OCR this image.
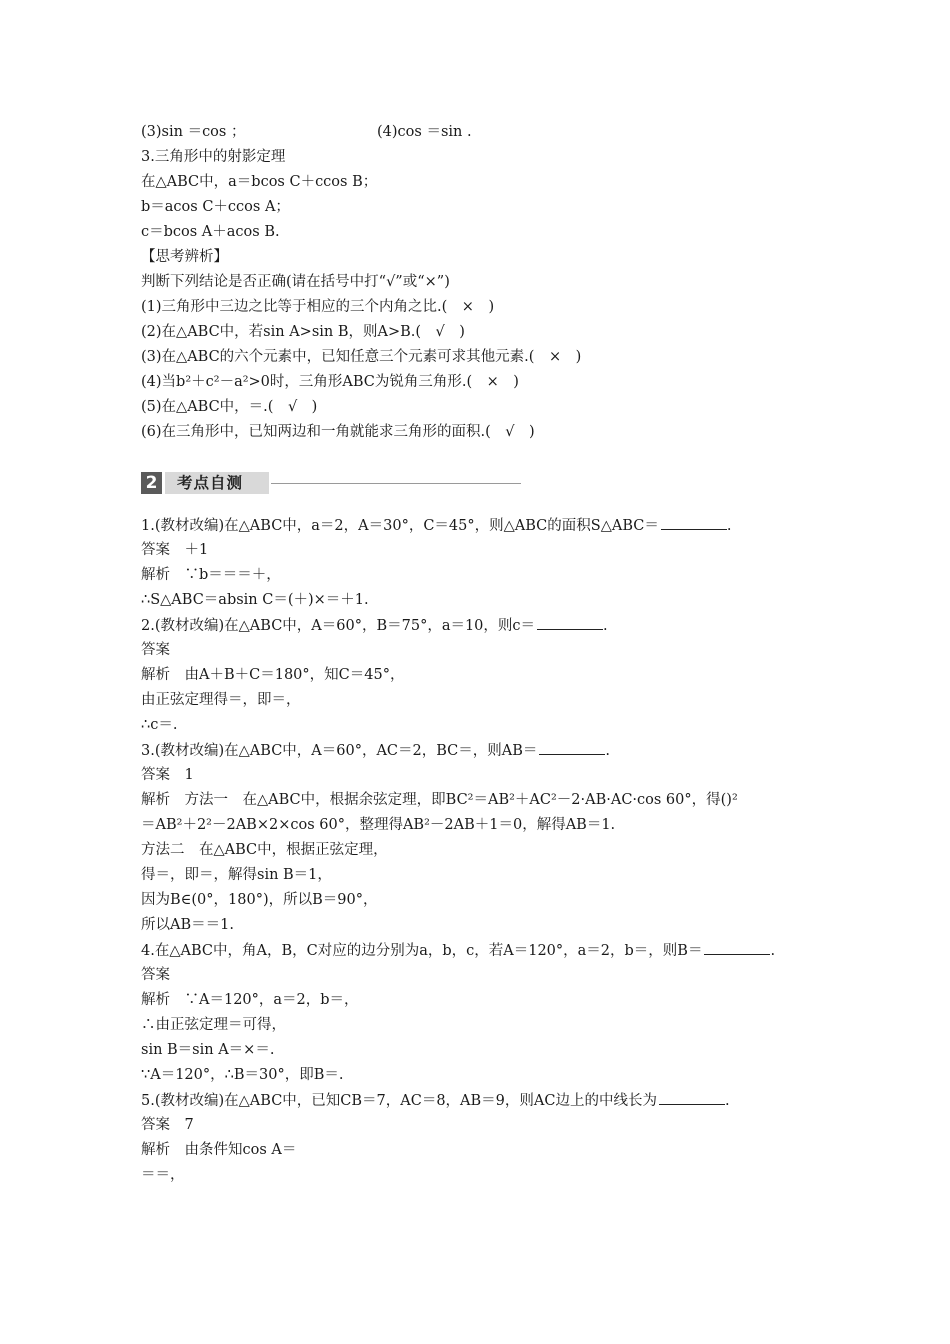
(3)sin ＝cos ；	(4)cos ＝sin .
3.三角形中的射影定理
在△ABC中，a＝bcos C＋ccos B；
b＝acos C＋ccos A；
c＝bcos A＋acos B.
【思考辨析】
判断下列结论是否正确(请在括号中打“√”或“×”)
(1)三角形中三边之比等于相应的三个内角之比.(　×　)
(2)在△ABC中，若sin A>sin B，则A>B.(　√　)
(3)在△ABC的六个元素中，已知任意三个元素可求其他元素.(　×　)
(4)当b²＋c²－a²>0时，三角形ABC为锐角三角形.(　×　)
(5)在△ABC中，＝.(　√　)
(6)在三角形中，已知两边和一角就能求三角形的面积.(　√　)
2 考点自测
1.(教材改编)在△ABC中，a＝2，A＝30°，C＝45°，则△ABC的面积S△ABC＝	.
答案　＋1
解析　∵b＝＝＝＋，
∴S△ABC＝absin C＝(＋)×＝＋1.
2.(教材改编)在△ABC中，A＝60°，B＝75°，a＝10，则c＝	.
答案
解析　由A＋B＋C＝180°，知C＝45°，
由正弦定理得＝，即＝，
∴c＝.
3.(教材改编)在△ABC中，A＝60°，AC＝2，BC＝，则AB＝	.
答案　1
解析　方法一　在△ABC中，根据余弦定理，即BC²＝AB²＋AC²－2·AB·AC·cos 60°，得()²
＝AB²＋2²－2AB×2×cos 60°，整理得AB²－2AB＋1＝0，解得AB＝1.
方法二　在△ABC中，根据正弦定理，
得＝，即＝，解得sin B＝1，
因为B∈(0°，180°)，所以B＝90°，
所以AB＝＝1.
4.在△ABC中，角A，B，C对应的边分别为a，b，c，若A＝120°，a＝2，b＝，则B＝	.
答案
解析　∵A＝120°，a＝2，b＝，
∴由正弦定理＝可得，
sin B＝sin A＝×＝.
∵A＝120°，∴B＝30°，即B＝.
5.(教材改编)在△ABC中，已知CB＝7，AC＝8，AB＝9，则AC边上的中线长为	.
答案　7
解析　由条件知cos A＝
＝＝，
